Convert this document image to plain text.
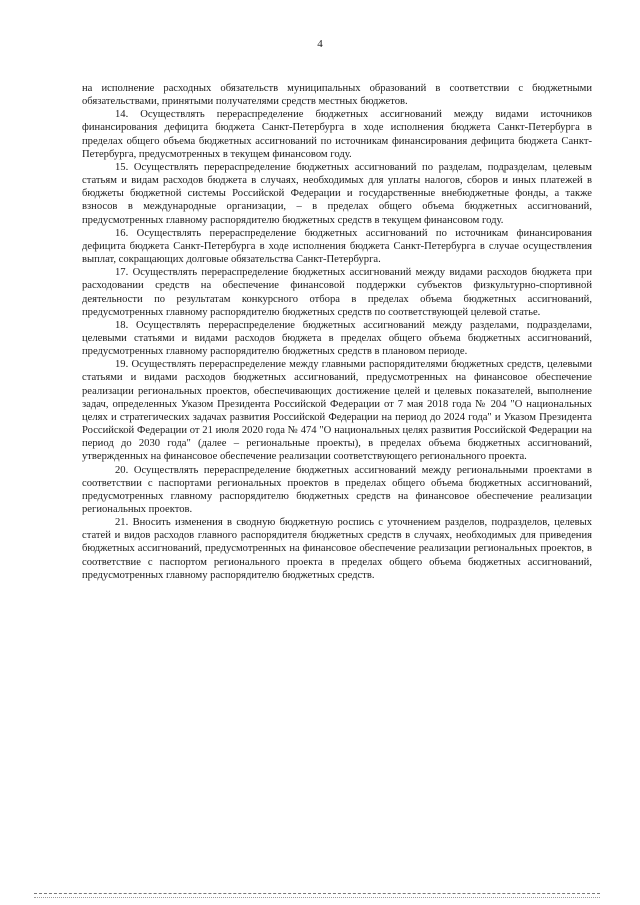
4

на исполнение расходных обязательств муниципальных образований в соответствии с бюджетными обязательствами, принятыми получателями средств местных бюджетов.

14. Осуществлять перераспределение бюджетных ассигнований между видами источников финансирования дефицита бюджета Санкт-Петербурга в ходе исполнения бюджета Санкт-Петербурга в пределах общего объема бюджетных ассигнований по источникам финансирования дефицита бюджета Санкт-Петербурга, предусмотренных в текущем финансовом году.

15. Осуществлять перераспределение бюджетных ассигнований по разделам, подразделам, целевым статьям и видам расходов бюджета в случаях, необходимых для уплаты налогов, сборов и иных платежей в бюджеты бюджетной системы Российской Федерации и государственные внебюджетные фонды, а также взносов в международные организации, – в пределах общего объема бюджетных ассигнований, предусмотренных главному распорядителю бюджетных средств в текущем финансовом году.

16. Осуществлять перераспределение бюджетных ассигнований по источникам финансирования дефицита бюджета Санкт-Петербурга в ходе исполнения бюджета Санкт-Петербурга в случае осуществления выплат, сокращающих долговые обязательства Санкт-Петербурга.

17. Осуществлять перераспределение бюджетных ассигнований между видами расходов бюджета при расходовании средств на обеспечение финансовой поддержки субъектов физкультурно-спортивной деятельности по результатам конкурсного отбора в пределах объема бюджетных ассигнований, предусмотренных главному распорядителю бюджетных средств по соответствующей целевой статье.

18. Осуществлять перераспределение бюджетных ассигнований между разделами, подразделами, целевыми статьями и видами расходов бюджета в пределах общего объема бюджетных ассигнований, предусмотренных главному распорядителю бюджетных средств в плановом периоде.

19. Осуществлять перераспределение между главными распорядителями бюджетных средств, целевыми статьями и видами расходов бюджетных ассигнований, предусмотренных на финансовое обеспечение реализации региональных проектов, обеспечивающих достижение целей и целевых показателей, выполнение задач, определенных Указом Президента Российской Федерации от 7 мая 2018 года № 204 "О национальных целях и стратегических задачах развития Российской Федерации на период до 2024 года" и Указом Президента Российской Федерации от 21 июля 2020 года № 474 "О национальных целях развития Российской Федерации на период до 2030 года" (далее – региональные проекты), в пределах объема бюджетных ассигнований, утвержденных на финансовое обеспечение реализации соответствующего регионального проекта.

20. Осуществлять перераспределение бюджетных ассигнований между региональными проектами в соответствии с паспортами региональных проектов в пределах общего объема бюджетных ассигнований, предусмотренных главному распорядителю бюджетных средств на финансовое обеспечение реализации региональных проектов.

21. Вносить изменения в сводную бюджетную роспись с уточнением разделов, подразделов, целевых статей и видов расходов главного распорядителя бюджетных средств в случаях, необходимых для приведения бюджетных ассигнований, предусмотренных на финансовое обеспечение реализации региональных проектов, в соответствие с паспортом регионального проекта в пределах общего объема бюджетных ассигнований, предусмотренных главному распорядителю бюджетных средств.
